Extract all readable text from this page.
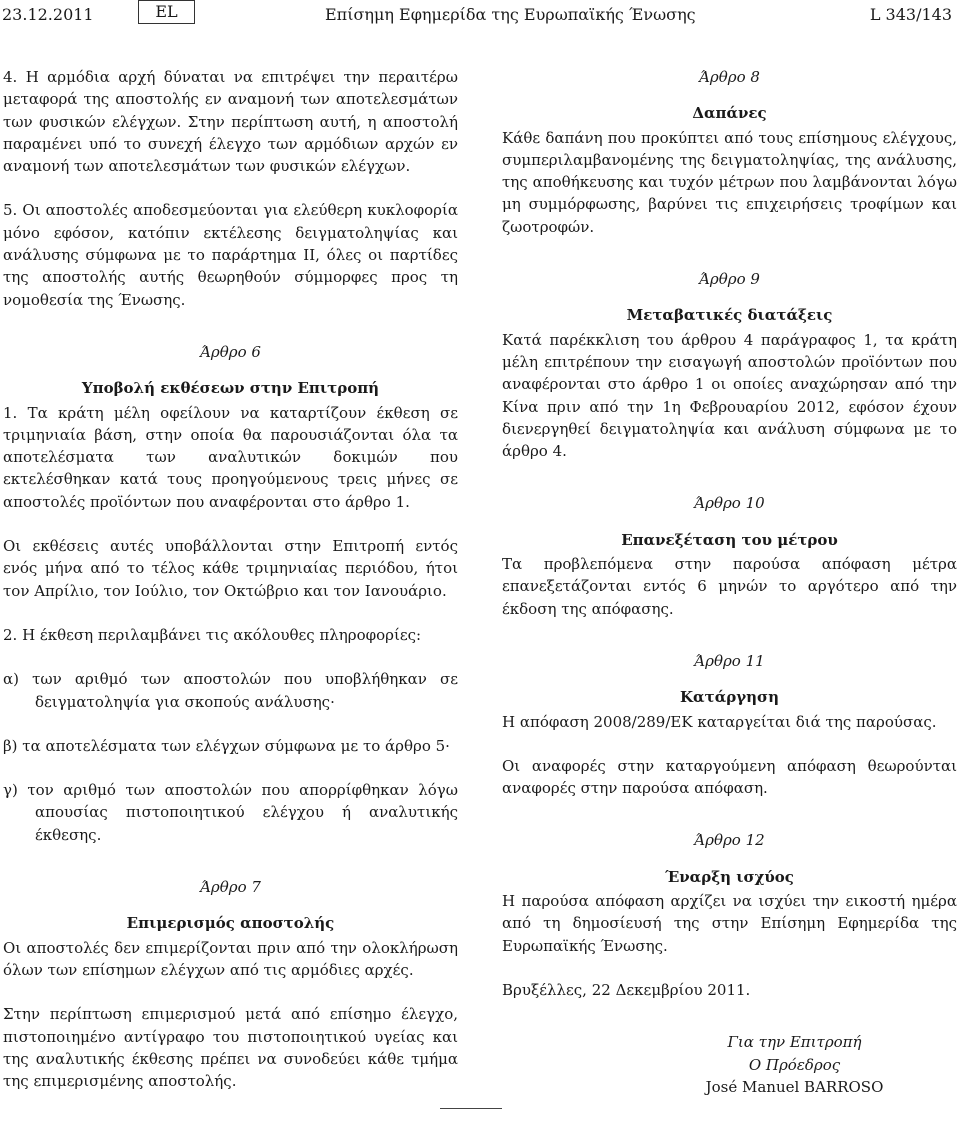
23.12.2011	EL	Επίσημη Εφημερίδα της Ευρωπαϊκής Ένωσης	L 343/143

4. Η αρμόδια αρχή δύναται να επιτρέψει την περαιτέρω μεταφορά της αποστολής εν αναμονή των αποτελεσμάτων των φυσικών ελέγχων. Στην περίπτωση αυτή, η αποστολή παραμένει υπό το συνεχή έλεγχο των αρμόδιων αρχών εν αναμονή των αποτελεσμάτων των φυσικών ελέγχων.

5. Οι αποστολές αποδεσμεύονται για ελεύθερη κυκλοφορία μόνο εφόσον, κατόπιν εκτέλεσης δειγματοληψίας και ανάλυσης σύμφωνα με το παράρτημα ΙΙ, όλες οι παρτίδες της αποστολής αυτής θεωρηθούν σύμμορφες προς τη νομοθεσία της Ένωσης.

Άρθρο 6

Υποβολή εκθέσεων στην Επιτροπή

1. Τα κράτη μέλη οφείλουν να καταρτίζουν έκθεση σε τριμηνιαία βάση, στην οποία θα παρουσιάζονται όλα τα αποτελέσματα των αναλυτικών δοκιμών που εκτελέσθηκαν κατά τους προηγούμενους τρεις μήνες σε αποστολές προϊόντων που αναφέρονται στο άρθρο 1.

Οι εκθέσεις αυτές υποβάλλονται στην Επιτροπή εντός ενός μήνα από το τέλος κάθε τριμηνιαίας περιόδου, ήτοι τον Απρίλιο, τον Ιούλιο, τον Οκτώβριο και τον Ιανουάριο.

2. Η έκθεση περιλαμβάνει τις ακόλουθες πληροφορίες:

α) των αριθμό των αποστολών που υποβλήθηκαν σε δειγματοληψία για σκοπούς ανάλυσης·

β) τα αποτελέσματα των ελέγχων σύμφωνα με το άρθρο 5·

γ) τον αριθμό των αποστολών που απορρίφθηκαν λόγω απουσίας πιστοποιητικού ελέγχου ή αναλυτικής έκθεσης.

Άρθρο 7

Επιμερισμός αποστολής

Οι αποστολές δεν επιμερίζονται πριν από την ολοκλήρωση όλων των επίσημων ελέγχων από τις αρμόδιες αρχές.

Στην περίπτωση επιμερισμού μετά από επίσημο έλεγχο, πιστοποιημένο αντίγραφο του πιστοποιητικού υγείας και της αναλυτικής έκθεσης πρέπει να συνοδεύει κάθε τμήμα της επιμερισμένης αποστολής.

Άρθρο 8

Δαπάνες

Κάθε δαπάνη που προκύπτει από τους επίσημους ελέγχους, συμπεριλαμβανομένης της δειγματοληψίας, της ανάλυσης, της αποθήκευσης και τυχόν μέτρων που λαμβάνονται λόγω μη συμμόρφωσης, βαρύνει τις επιχειρήσεις τροφίμων και ζωοτροφών.

Άρθρο 9

Μεταβατικές διατάξεις

Κατά παρέκκλιση του άρθρου 4 παράγραφος 1, τα κράτη μέλη επιτρέπουν την εισαγωγή αποστολών προϊόντων που αναφέρονται στο άρθρο 1 οι οποίες αναχώρησαν από την Κίνα πριν από την 1η Φεβρουαρίου 2012, εφόσον έχουν διενεργηθεί δειγματοληψία και ανάλυση σύμφωνα με το άρθρο 4.

Άρθρο 10

Επανεξέταση του μέτρου

Τα προβλεπόμενα στην παρούσα απόφαση μέτρα επανεξετάζονται εντός 6 μηνών το αργότερο από την έκδοση της απόφασης.

Άρθρο 11

Κατάργηση

Η απόφαση 2008/289/ΕΚ καταργείται διά της παρούσας.

Οι αναφορές στην καταργούμενη απόφαση θεωρούνται αναφορές στην παρούσα απόφαση.

Άρθρο 12

Έναρξη ισχύος

Η παρούσα απόφαση αρχίζει να ισχύει την εικοστή ημέρα από τη δημοσίευσή της στην Επίσημη Εφημερίδα της Ευρωπαϊκής Ένωσης.

Βρυξέλλες, 22 Δεκεμβρίου 2011.

Για την Επιτροπή

Ο Πρόεδρος

José Manuel BARROSO
